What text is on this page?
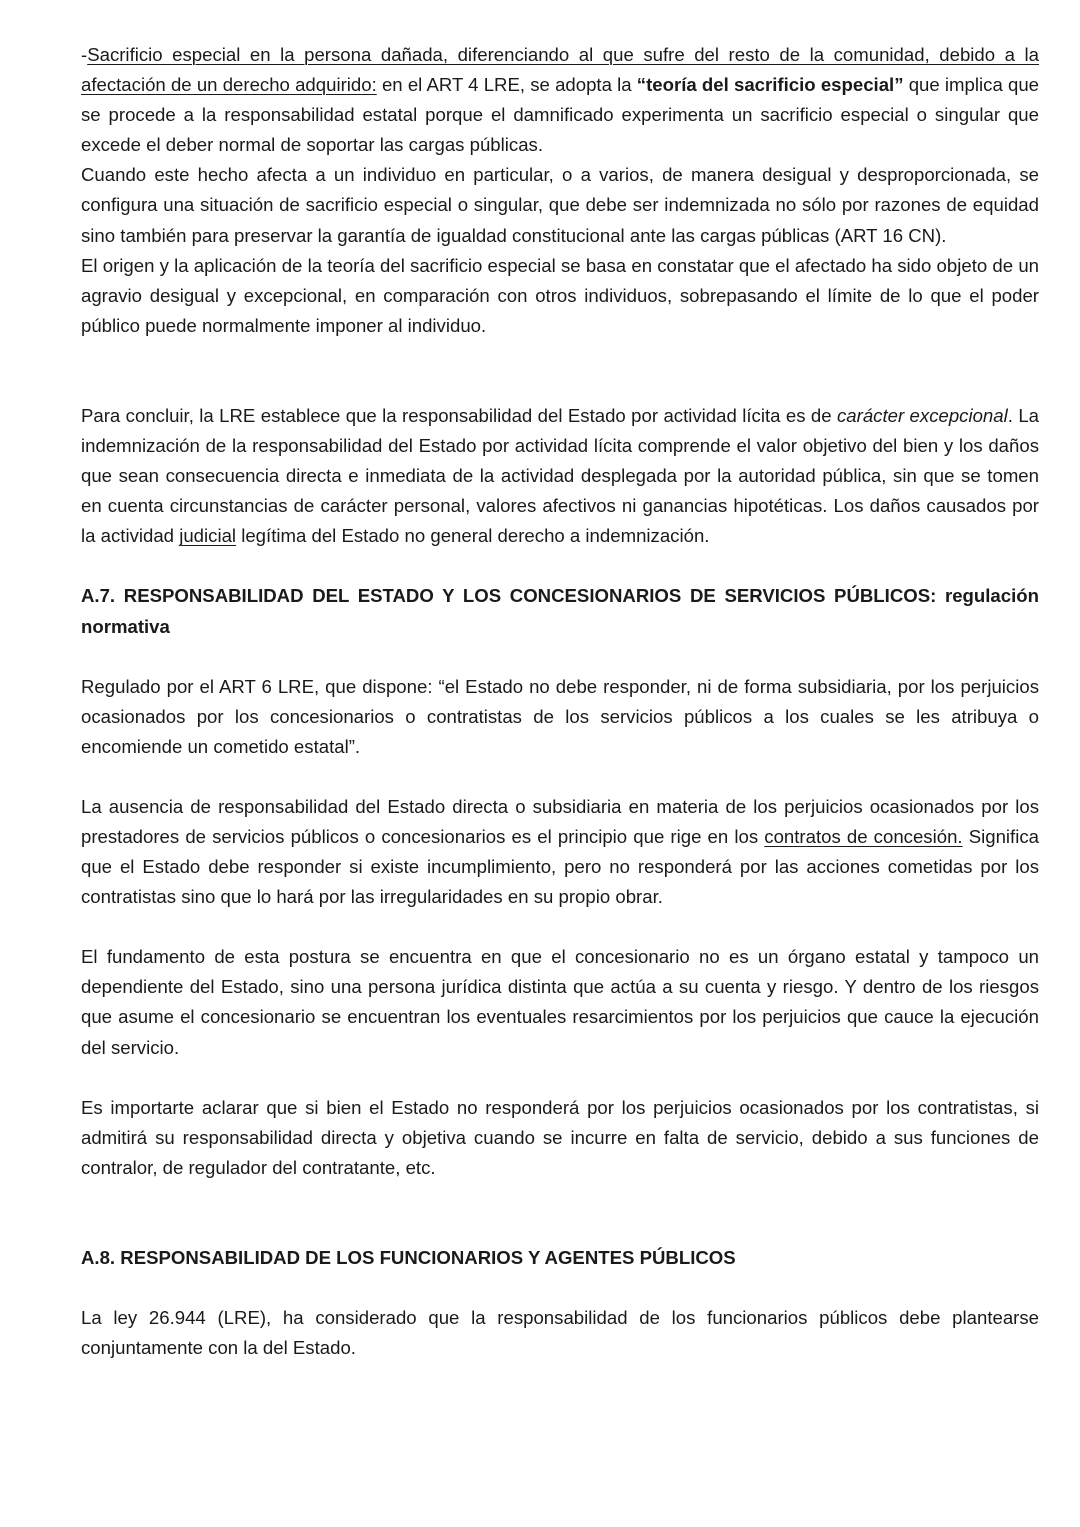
-Sacrificio especial en la persona dañada, diferenciando al que sufre del resto de la comunidad, debido a la afectación de un derecho adquirido: en el ART 4 LRE, se adopta la “teoría del sacrificio especial” que implica que se procede a la responsabilidad estatal porque el damnificado experimenta un sacrificio especial o singular que excede el deber normal de soportar las cargas públicas.

Cuando este hecho afecta a un individuo en particular, o a varios, de manera desigual y desproporcionada, se configura una situación de sacrificio especial o singular, que debe ser indemnizada no sólo por razones de equidad sino también para preservar la garantía de igualdad constitucional ante las cargas públicas (ART 16 CN).

El origen y la aplicación de la teoría del sacrificio especial se basa en constatar que el afectado ha sido objeto de un agravio desigual y excepcional, en comparación con otros individuos, sobrepasando el límite de lo que el poder público puede normalmente imponer al individuo.

Para concluir, la LRE establece que la responsabilidad del Estado por actividad lícita es de carácter excepcional. La indemnización de la responsabilidad del Estado por actividad lícita comprende el valor objetivo del bien y los daños que sean consecuencia directa e inmediata de la actividad desplegada por la autoridad pública, sin que se tomen en cuenta circunstancias de carácter personal, valores afectivos ni ganancias hipotéticas. Los daños causados por la actividad judicial legítima del Estado no general derecho a indemnización.

A.7. RESPONSABILIDAD DEL ESTADO Y LOS CONCESIONARIOS DE SERVICIOS PÚBLICOS: regulación normativa

Regulado por el ART 6 LRE, que dispone: “el Estado no debe responder, ni de forma subsidiaria, por los perjuicios ocasionados por los concesionarios o contratistas de los servicios públicos a los cuales se les atribuya o encomiende un cometido estatal”.

La ausencia de responsabilidad del Estado directa o subsidiaria en materia de los perjuicios ocasionados por los prestadores de servicios públicos o concesionarios es el principio que rige en los contratos de concesión. Significa que el Estado debe responder si existe incumplimiento, pero no responderá por las acciones cometidas por los contratistas sino que lo hará por las irregularidades en su propio obrar.

El fundamento de esta postura se encuentra en que el concesionario no es un órgano estatal y tampoco un dependiente del Estado, sino una persona jurídica distinta que actúa a su cuenta y riesgo. Y dentro de los riesgos que asume el concesionario se encuentran los eventuales resarcimientos por los perjuicios que cauce la ejecución del servicio.

Es importarte aclarar que si bien el Estado no responderá por los perjuicios ocasionados por los contratistas, si admitirá su responsabilidad directa y objetiva cuando se incurre en falta de servicio, debido a sus funciones de contralor, de regulador del contratante, etc.

A.8. RESPONSABILIDAD DE LOS FUNCIONARIOS Y AGENTES PÚBLICOS

La ley 26.944 (LRE), ha considerado que la responsabilidad de los funcionarios públicos debe plantearse conjuntamente con la del Estado.
